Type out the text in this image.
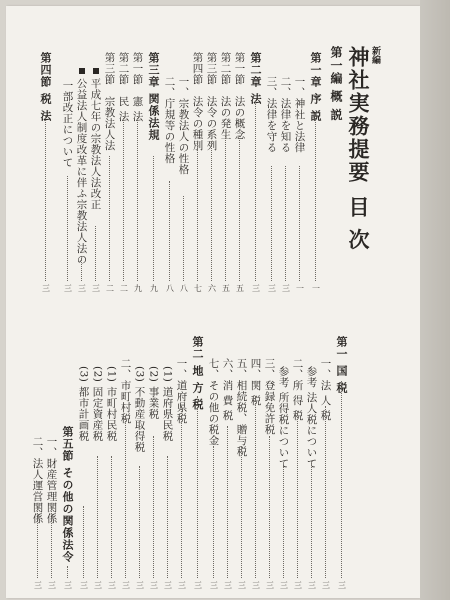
新編
神社実務提要
目 次
第一編 概 説
第一章 序 説
一、神社と法律
二、法律を知る
三、法律を守る
第二章 法
第一節　法の概念
第二節　法の発生
第三節　法令の系列
第四節　法令の種別
一、宗教法人の性格
二、庁規等の性格
第三章 関係法規
第一節　憲 法
第二節　民 法
第三節　宗教法人法
平成七年の宗教法人法改正
公益法人制度改革に伴ふ宗教法人法の
一部改正について
第四節 税 法
第一 国 税
一、法 人 税
参考 法人税について
二、所 得 税
参考 所得税について
三、登録免許税
四、関 税
五、相続税、贈与税
六、消 費 税
七、その他の税金
第二 地 方 税
一、道府県税
(1) 道府県民税
(2) 事業税
(3) 不動産取得税
二、市町村税
(1) 市町村民税
(2) 固定資産税
(3) 都市計画税
第五節 その他の関係法令
一、財産管理関係
二、法人運営関係
一
一
三
三
三
五
五
六
七
八
八
九
九
二
二
三
三
三
三
三
三
三
三
三
三
三
三
三
三
三
三
三
三
三
三
三
三
三
三
三
三
